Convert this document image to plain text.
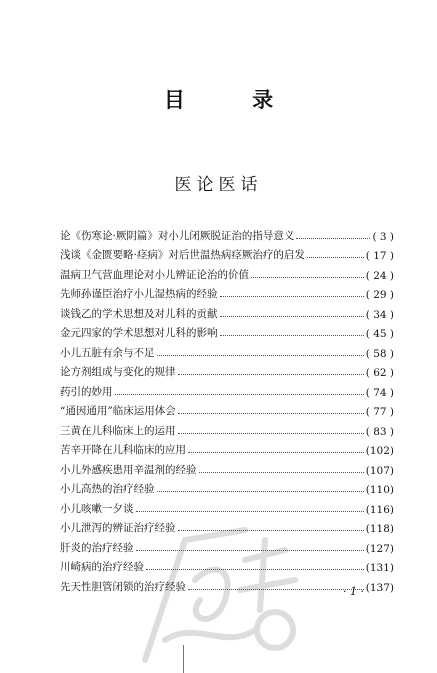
目 录
医论医话
论《伤寒论·厥阴篇》对小儿闭厥脱证治的指导意义	( 3 )
浅谈《金匮要略·痉病》对后世温热病痉厥治疗的启发	( 17 )
温病卫气营血理论对小儿辨证论治的价值	( 24 )
先师孙谨臣治疗小儿湿热病的经验	( 29 )
谈钱乙的学术思想及对儿科的贡献	( 34 )
金元四家的学术思想对儿科的影响	( 45 )
小儿五脏有余与不足	( 58 )
论方剂组成与变化的规律	( 62 )
药引的妙用	( 74 )
“通因通用”临床运用体会	( 77 )
三黄在儿科临床上的运用	( 83 )
苦辛开降在儿科临床的应用	(102)
小儿外感疾患用辛温剂的经验	(107)
小儿高热的治疗经验	(110)
小儿咳嗽一夕谈	(116)
小儿泄泻的辨证治疗经验	(118)
肝炎的治疗经验	(127)
川崎病的治疗经验	(131)
先天性胆管闭锁的治疗经验	(137)
· 1 ·
